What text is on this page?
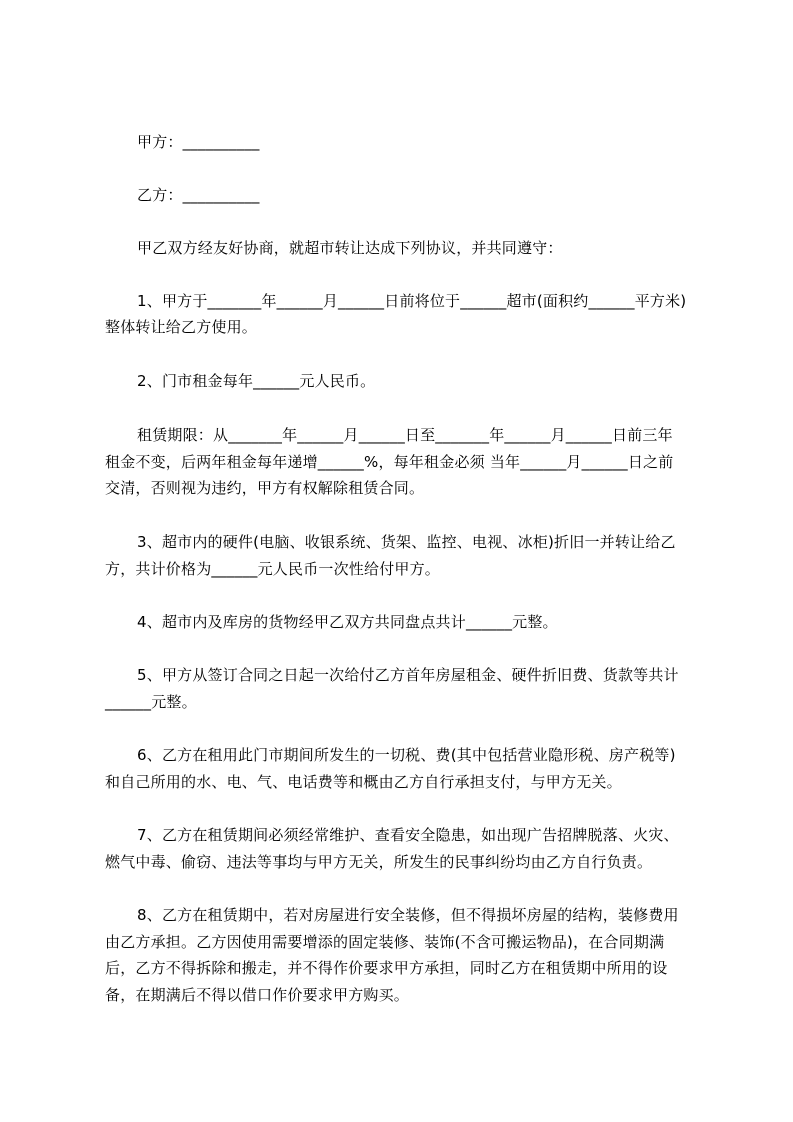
甲方：__________
乙方：__________
甲乙双方经友好协商，就超市转让达成下列协议，并共同遵守：
1、甲方于_______年______月______日前将位于______超市(面积约______平方米)
整体转让给乙方使用。
2、门市租金每年______元人民币。
租赁期限：从_______年______月______日至_______年______月______日前三年
租金不变，后两年租金每年递增______%，每年租金必须 当年______月______日之前
交清，否则视为违约，甲方有权解除租赁合同。
3、超市内的硬件(电脑、收银系统、货架、监控、电视、冰柜)折旧一并转让给乙
方，共计价格为______元人民币一次性给付甲方。
4、超市内及库房的货物经甲乙双方共同盘点共计______元整。
5、甲方从签订合同之日起一次给付乙方首年房屋租金、硬件折旧费、货款等共计
______元整。
6、乙方在租用此门市期间所发生的一切税、费(其中包括营业隐形税、房产税等)
和自己所用的水、电、气、电话费等和概由乙方自行承担支付，与甲方无关。
7、乙方在租赁期间必须经常维护、查看安全隐患，如出现广告招牌脱落、火灾、
燃气中毒、偷窃、违法等事均与甲方无关，所发生的民事纠纷均由乙方自行负责。
8、乙方在租赁期中，若对房屋进行安全装修，但不得损坏房屋的结构，装修费用
由乙方承担。乙方因使用需要增添的固定装修、装饰(不含可搬运物品)，在合同期满
后，乙方不得拆除和搬走，并不得作价要求甲方承担，同时乙方在租赁期中所用的设
备，在期满后不得以借口作价要求甲方购买。
